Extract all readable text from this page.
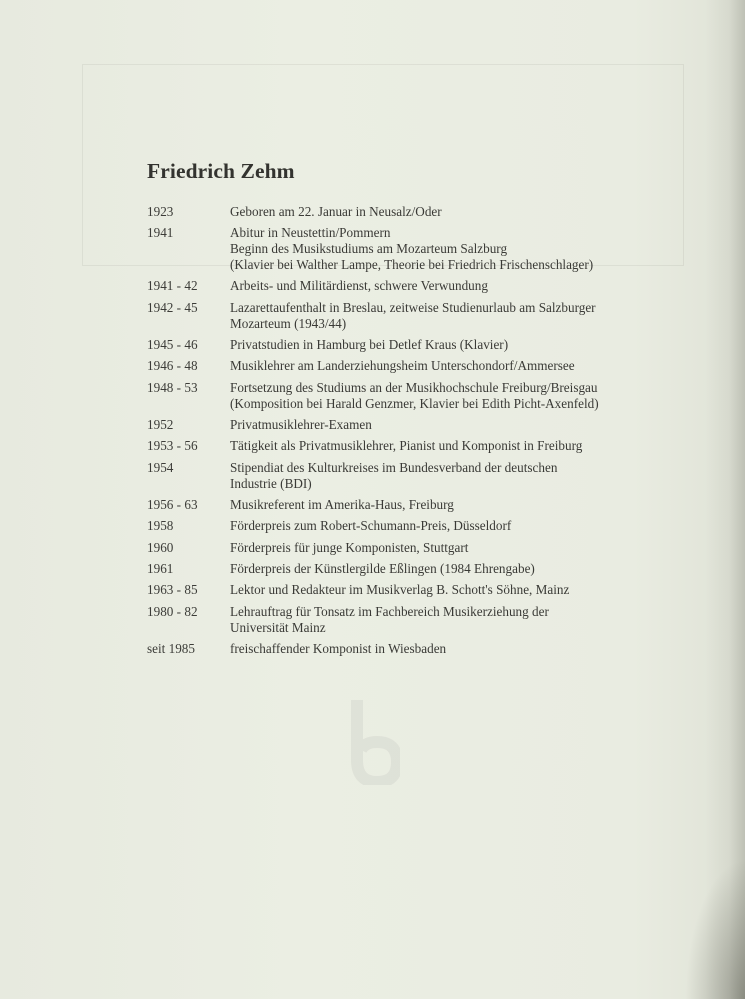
Friedrich Zehm
1923	Geboren am 22. Januar in Neusalz/Oder
1941	Abitur in Neustettin/Pommern
Beginn des Musikstudiums am Mozarteum Salzburg
(Klavier bei Walther Lampe, Theorie bei Friedrich Frischenschlager)
1941 - 42	Arbeits- und Militärdienst, schwere Verwundung
1942 - 45	Lazarettaufenthalt in Breslau, zeitweise Studienurlaub am Salzburger
Mozarteum (1943/44)
1945 - 46	Privatstudien in Hamburg bei Detlef Kraus (Klavier)
1946 - 48	Musiklehrer am Landerziehungsheim Unterschondorf/Ammersee
1948 - 53	Fortsetzung des Studiums an der Musikhochschule Freiburg/Breisgau
(Komposition bei Harald Genzmer, Klavier bei Edith Picht-Axenfeld)
1952	Privatmusiklehrer-Examen
1953 - 56	Tätigkeit als Privatmusiklehrer, Pianist und Komponist in Freiburg
1954	Stipendiat des Kulturkreises im Bundesverband der deutschen
Industrie (BDI)
1956 - 63	Musikreferent im Amerika-Haus, Freiburg
1958	Förderpreis zum Robert-Schumann-Preis, Düsseldorf
1960	Förderpreis für junge Komponisten, Stuttgart
1961	Förderpreis der Künstlergilde Eßlingen (1984 Ehrengabe)
1963 - 85	Lektor und Redakteur im Musikverlag B. Schott's Söhne, Mainz
1980 - 82	Lehrauftrag für Tonsatz im Fachbereich Musikerziehung der
Universität Mainz
seit 1985	freischaffender Komponist in Wiesbaden
